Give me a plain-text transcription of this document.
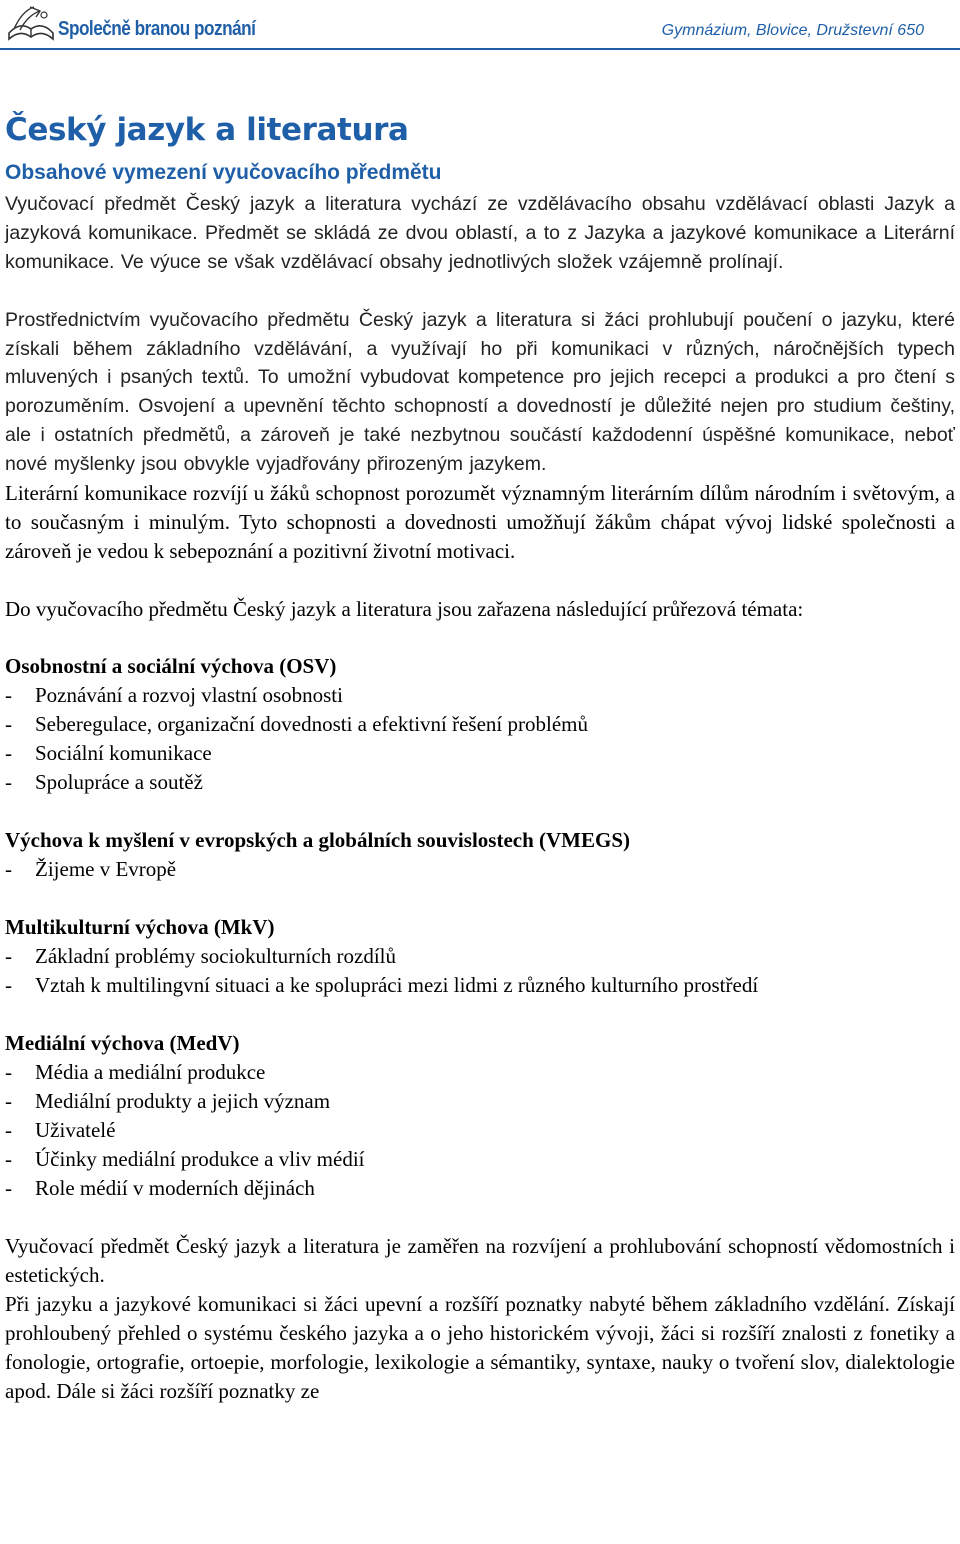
Společně branou poznání	Gymnázium, Blovice, Družstevní 650
Český jazyk a literatura
Obsahové vymezení vyučovacího předmětu

Vyučovací předmět Český jazyk a literatura vychází ze vzdělávacího obsahu vzdělávací oblasti Jazyk a jazyková komunikace. Předmět se skládá ze dvou oblastí, a to z Jazyka a jazykové komunikace a Literární komunikace. Ve výuce se však vzdělávací obsahy jednotlivých složek vzájemně prolínají.

Prostřednictvím vyučovacího předmětu Český jazyk a literatura si žáci prohlubují poučení o jazyku, které získali během základního vzdělávání, a využívají ho při komunikaci v různých, náročnějších typech mluvených i psaných textů. To umožní vybudovat kompetence pro jejich recepci a produkci a pro čtení s porozuměním. Osvojení a upevnění těchto schopností a dovedností je důležité nejen pro studium češtiny, ale i ostatních předmětů, a zároveň je také nezbytnou součástí každodenní úspěšné komunikace, neboť nové myšlenky jsou obvykle vyjadřovány přirozeným jazykem.

Literární komunikace rozvíjí u žáků schopnost porozumět významným literárním dílům národním i světovým, a to současným i minulým. Tyto schopnosti a dovednosti umožňují žákům chápat vývoj lidské společnosti a zároveň je vedou k sebepoznání a pozitivní životní motivaci.

Do vyučovacího předmětu Český jazyk a literatura jsou zařazena následující průřezová témata:

Osobnostní a sociální výchova (OSV)

- Poznávání a rozvoj vlastní osobnosti
- Seberegulace, organizační dovednosti a efektivní řešení problémů
- Sociální komunikace
- Spolupráce a soutěž

Výchova k myšlení v evropských a globálních souvislostech (VMEGS)

- Žijeme v Evropě

Multikulturní výchova (MkV)

- Základní problémy sociokulturních rozdílů
- Vztah k multilingvní situaci a ke spolupráci mezi lidmi z různého kulturního prostředí

Mediální výchova (MedV)

- Média a mediální produkce
- Mediální produkty a jejich význam
- Uživatelé
- Účinky mediální produkce a vliv médií
- Role médií v moderních dějinách

Vyučovací předmět Český jazyk a literatura je zaměřen na rozvíjení a prohlubování schopností vědomostních i estetických.

Při jazyku a jazykové komunikaci si žáci upevní a rozšíří poznatky nabyté během základního vzdělání. Získají prohloubený přehled o systému českého jazyka a o jeho historickém vývoji, žáci si rozšíří znalosti z fonetiky a fonologie, ortografie, ortoepie, morfologie, lexikologie a sémantiky, syntaxe, nauky o tvoření slov, dialektologie apod. Dále si žáci rozšíří poznatky ze
